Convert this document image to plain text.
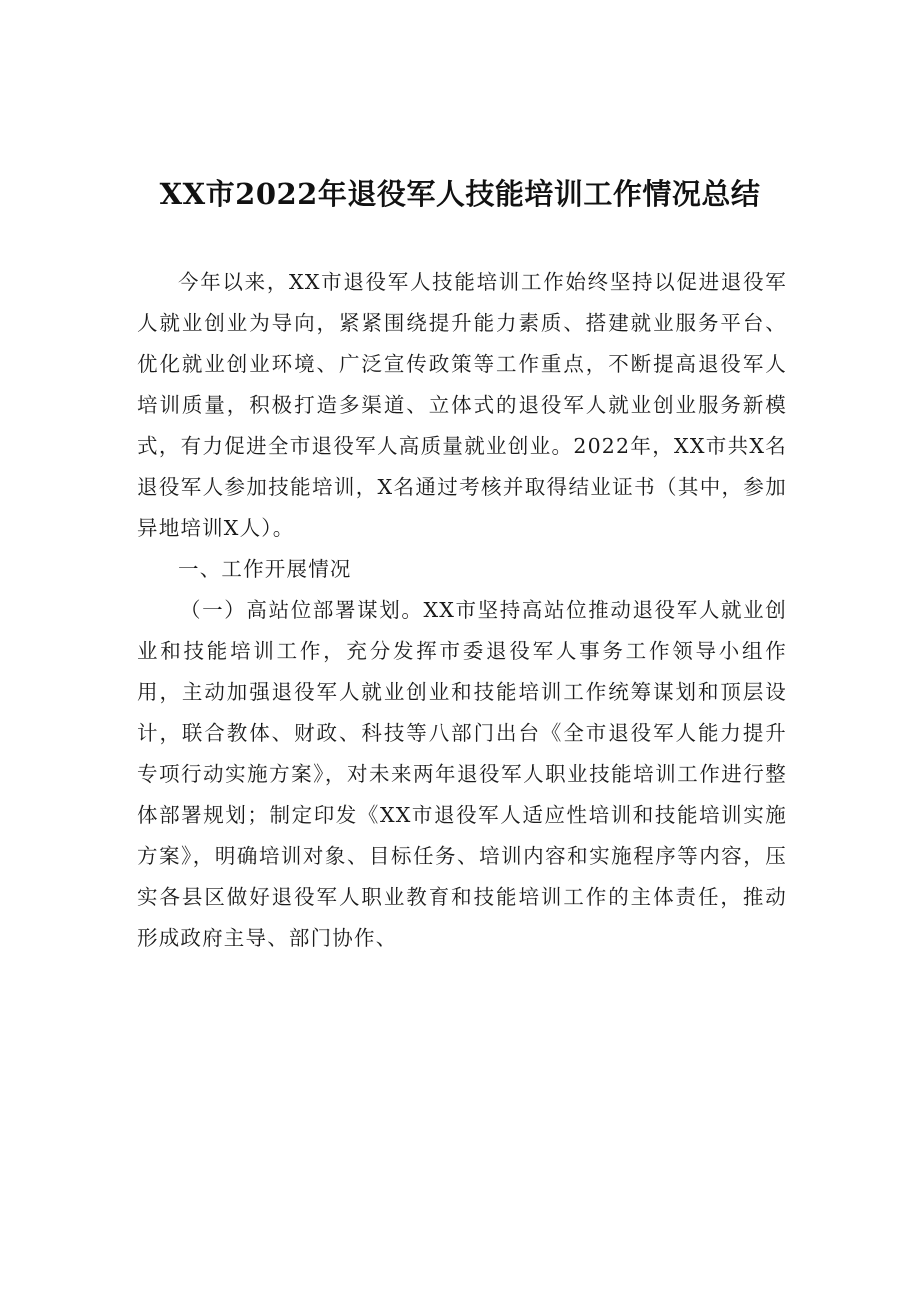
XX市2022年退役军人技能培训工作情况总结

今年以来，XX市退役军人技能培训工作始终坚持以促进退役军人就业创业为导向，紧紧围绕提升能力素质、搭建就业服务平台、优化就业创业环境、广泛宣传政策等工作重点，不断提高退役军人培训质量，积极打造多渠道、立体式的退役军人就业创业服务新模式，有力促进全市退役军人高质量就业创业。2022年，XX市共X名退役军人参加技能培训，X名通过考核并取得结业证书（其中，参加异地培训X人）。

一、工作开展情况

（一）高站位部署谋划。XX市坚持高站位推动退役军人就业创业和技能培训工作，充分发挥市委退役军人事务工作领导小组作用，主动加强退役军人就业创业和技能培训工作统筹谋划和顶层设计，联合教体、财政、科技等八部门出台《全市退役军人能力提升专项行动实施方案》，对未来两年退役军人职业技能培训工作进行整体部署规划；制定印发《XX市退役军人适应性培训和技能培训实施方案》，明确培训对象、目标任务、培训内容和实施程序等内容，压实各县区做好退役军人职业教育和技能培训工作的主体责任，推动形成政府主导、部门协作、
